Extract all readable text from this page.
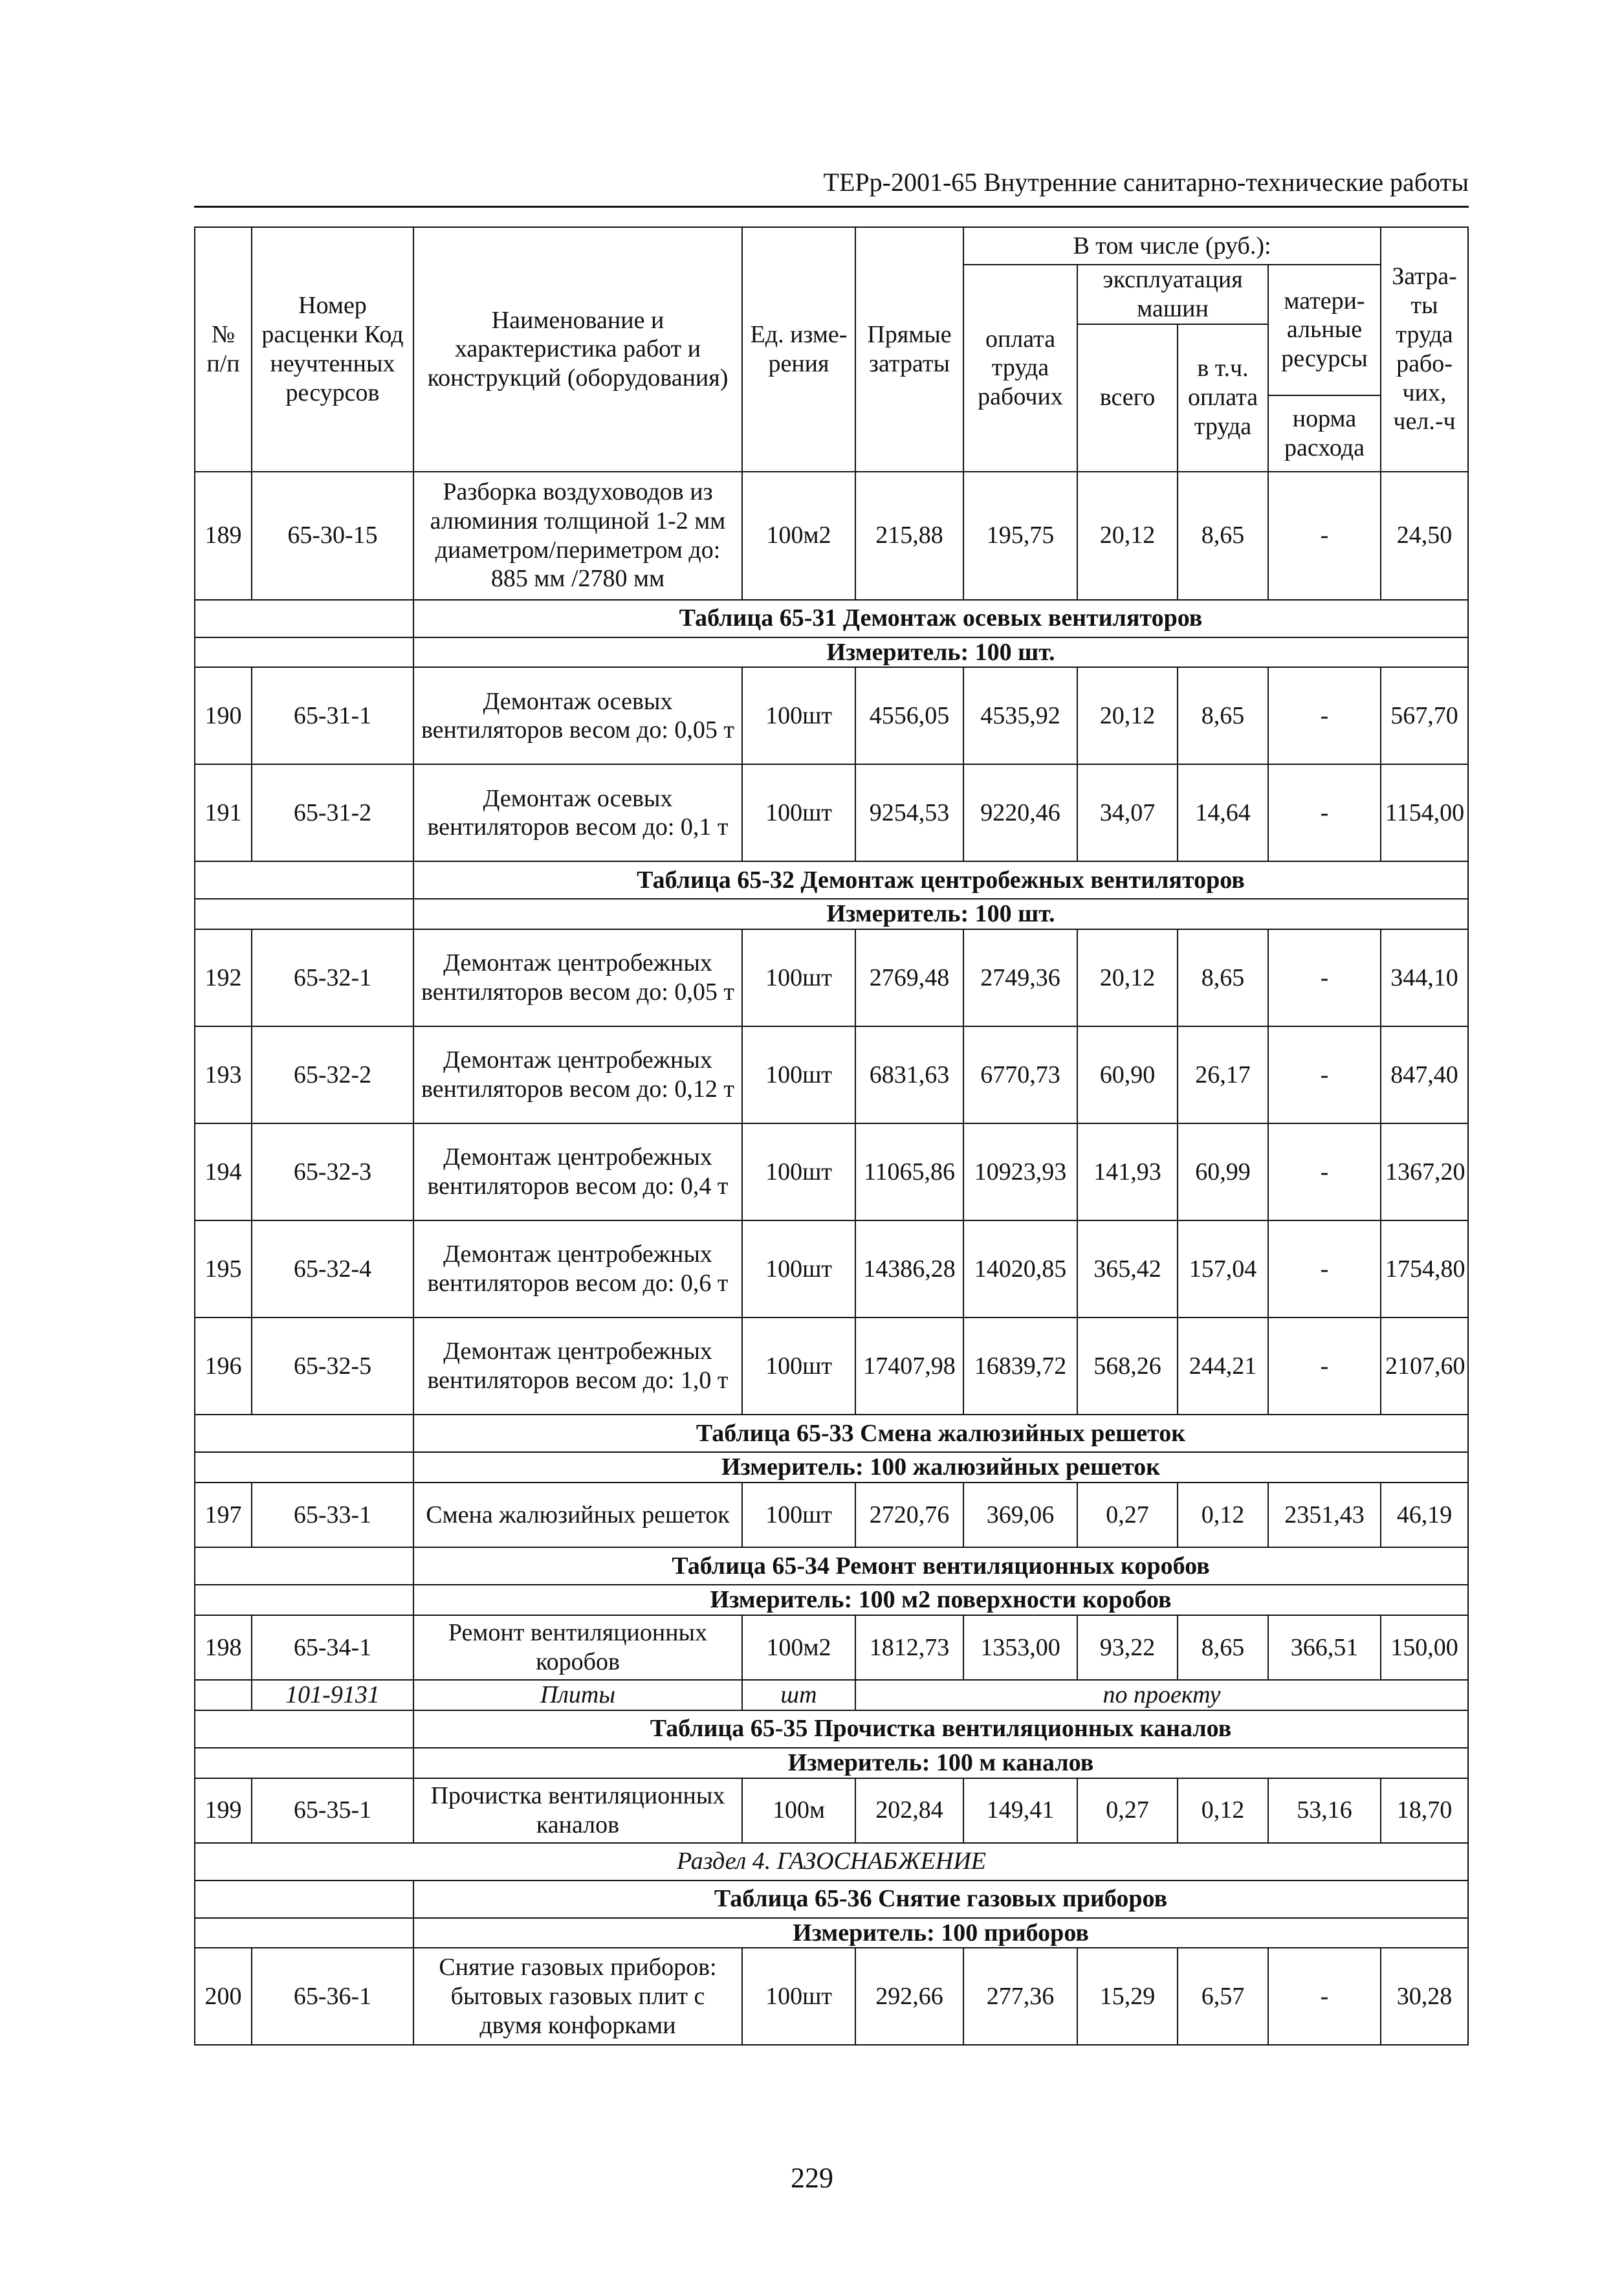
ТЕРр-2001-65 Внутренние санитарно-технические работы
№ п/п	Номер расценки Код неучтенных ресурсов	Наименование и характеристика работ и конструкций (оборудования)	Ед. изме-рения	Прямые затраты	В том числе (руб.):				Затра-ты труда рабо-чих, чел.-ч
					оплата труда рабочих	эксплуатация машин		матери-альные ресурсы	
						всего	в т.ч. оплата труда		
								норма расхода	
189	65-30-15	Разборка воздуховодов из алюминия толщиной 1-2 мм диаметром/периметром до: 885 мм /2780 мм	100м2	215,88	195,75	20,12	8,65	-	24,50
		Таблица 65-31 Демонтаж осевых вентиляторов							
		Измеритель: 100 шт.							
190	65-31-1	Демонтаж осевых вентиляторов весом до: 0,05 т	100шт	4556,05	4535,92	20,12	8,65	-	567,70
191	65-31-2	Демонтаж осевых вентиляторов весом до: 0,1 т	100шт	9254,53	9220,46	34,07	14,64	-	1154,00
		Таблица 65-32 Демонтаж центробежных вентиляторов							
		Измеритель: 100 шт.							
192	65-32-1	Демонтаж центробежных вентиляторов весом до: 0,05 т	100шт	2769,48	2749,36	20,12	8,65	-	344,10
193	65-32-2	Демонтаж центробежных вентиляторов весом до: 0,12 т	100шт	6831,63	6770,73	60,90	26,17	-	847,40
194	65-32-3	Демонтаж центробежных вентиляторов весом до: 0,4 т	100шт	11065,86	10923,93	141,93	60,99	-	1367,20
195	65-32-4	Демонтаж центробежных вентиляторов весом до: 0,6 т	100шт	14386,28	14020,85	365,42	157,04	-	1754,80
196	65-32-5	Демонтаж центробежных вентиляторов весом до: 1,0 т	100шт	17407,98	16839,72	568,26	244,21	-	2107,60
		Таблица 65-33 Смена жалюзийных решеток							
		Измеритель: 100 жалюзийных решеток							
197	65-33-1	Смена жалюзийных решеток	100шт	2720,76	369,06	0,27	0,12	2351,43	46,19
		Таблица 65-34 Ремонт вентиляционных коробов							
		Измеритель: 100 м2 поверхности коробов							
198	65-34-1	Ремонт вентиляционных коробов	100м2	1812,73	1353,00	93,22	8,65	366,51	150,00
	101-9131	Плиты	шт	по проекту					
		Таблица 65-35 Прочистка вентиляционных каналов							
		Измеритель: 100 м каналов							
199	65-35-1	Прочистка вентиляционных каналов	100м	202,84	149,41	0,27	0,12	53,16	18,70
Раздел 4. ГАЗОСНАБЖЕНИЕ									
		Таблица 65-36 Снятие газовых приборов							
		Измеритель: 100 приборов							
200	65-36-1	Снятие газовых приборов: бытовых газовых плит с двумя конфорками	100шт	292,66	277,36	15,29	6,57	-	30,28
229
